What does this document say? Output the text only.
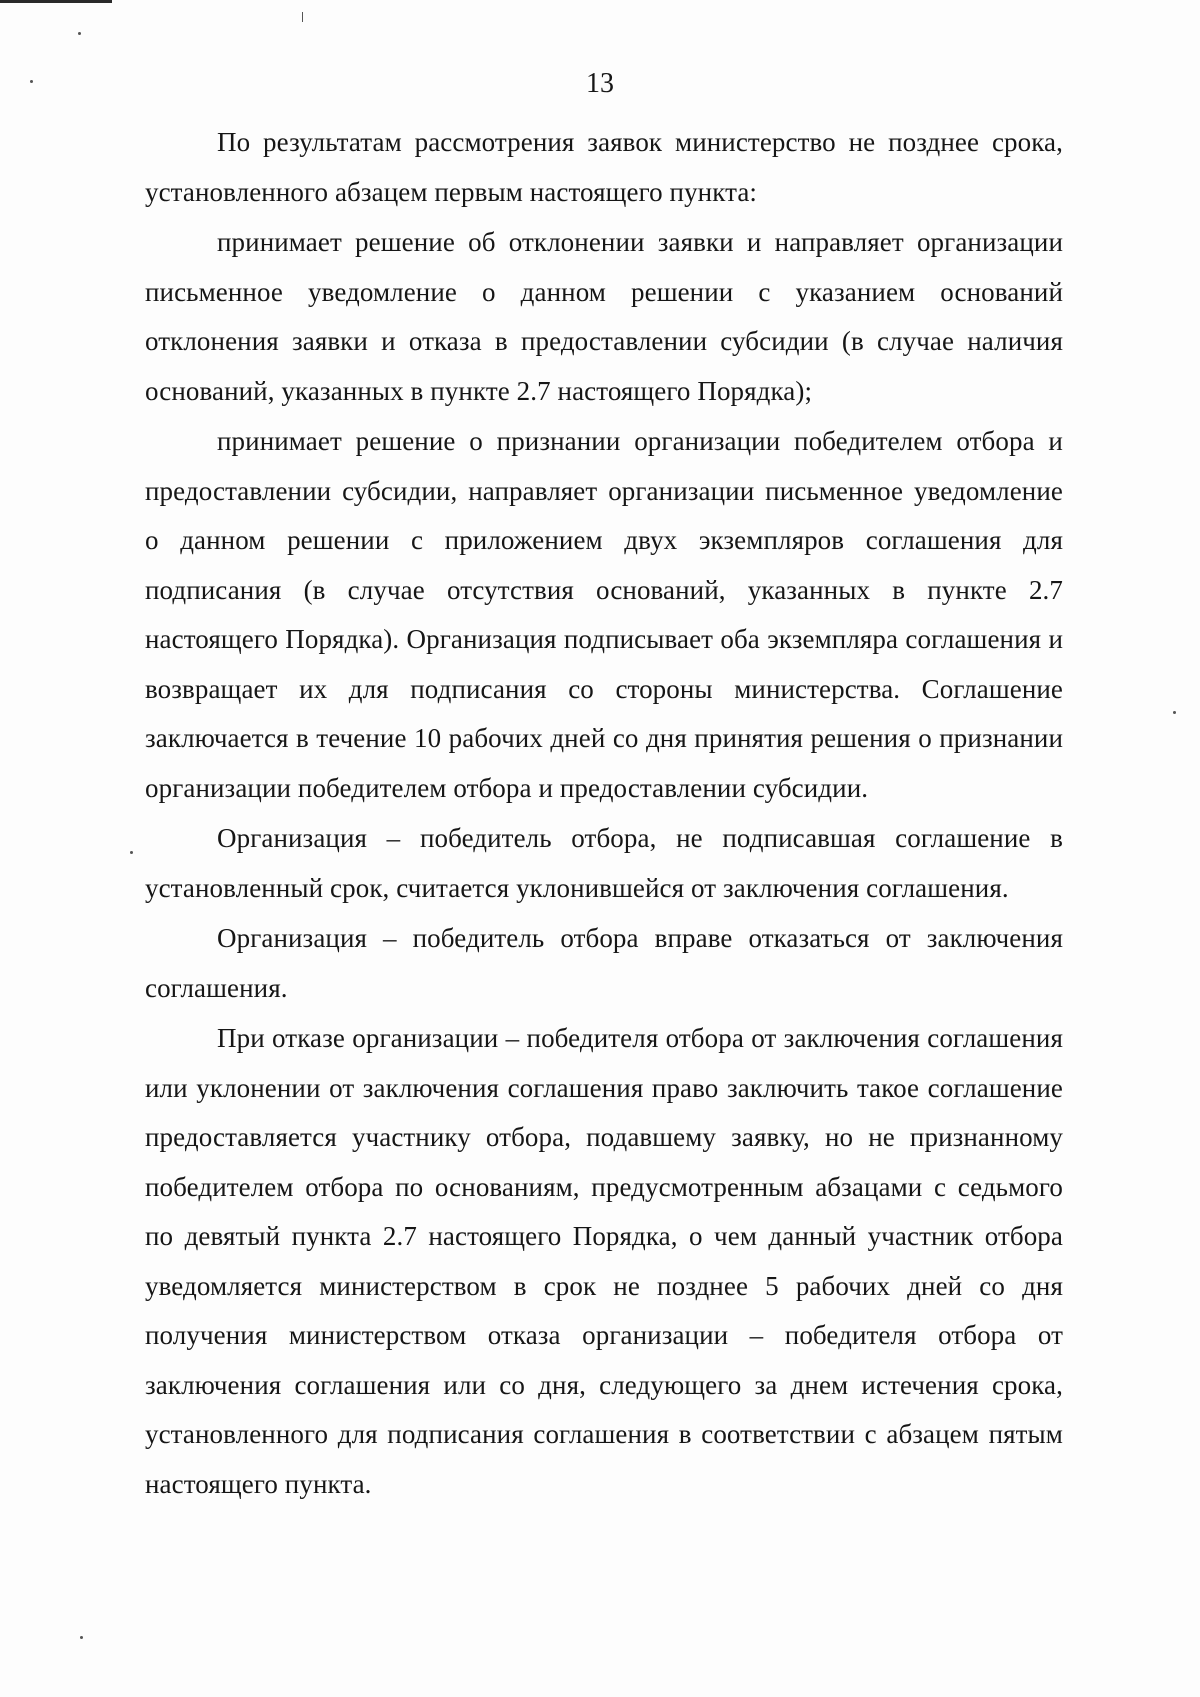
13

По результатам рассмотрения заявок министерство не позднее срока, установленного абзацем первым настоящего пункта:

принимает решение об отклонении заявки и направляет организации письменное уведомление о данном решении с указанием оснований отклонения заявки и отказа в предоставлении субсидии (в случае наличия оснований, указанных в пункте 2.7 настоящего Порядка);

принимает решение о признании организации победителем отбора и предоставлении субсидии, направляет организации письменное уведомление о данном решении с приложением двух экземпляров соглашения для подписания (в случае отсутствия оснований, указанных в пункте 2.7 настоящего Порядка). Организация подписывает оба экземпляра соглашения и возвращает их для подписания со стороны министерства. Соглашение заключается в течение 10 рабочих дней со дня принятия решения о признании организации победителем отбора и предоставлении субсидии.

Организация – победитель отбора, не подписавшая соглашение в установленный срок, считается уклонившейся от заключения соглашения.

Организация – победитель отбора вправе отказаться от заключения соглашения.

При отказе организации – победителя отбора от заключения соглашения или уклонении от заключения соглашения право заключить такое соглашение предоставляется участнику отбора, подавшему заявку, но не признанному победителем отбора по основаниям, предусмотренным абзацами с седьмого по девятый пункта 2.7 настоящего Порядка, о чем данный участник отбора уведомляется министерством в срок не позднее 5 рабочих дней со дня получения министерством отказа организации – победителя отбора от заключения соглашения или со дня, следующего за днем истечения срока, установленного для подписания соглашения в соответствии с абзацем пятым настоящего пункта.
